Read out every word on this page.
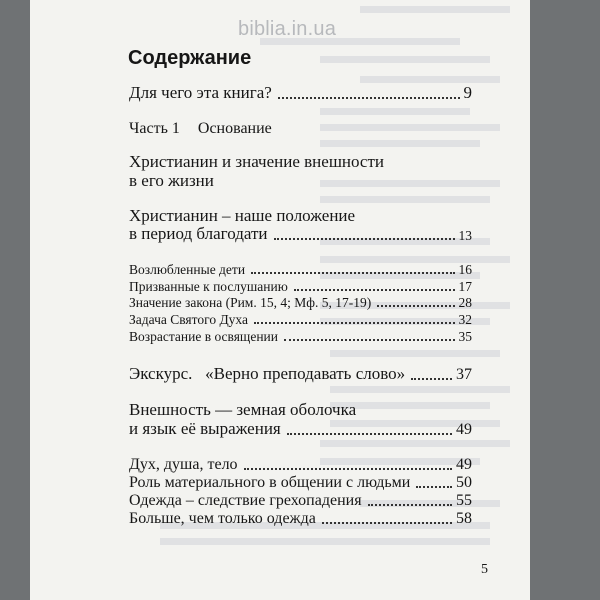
biblia.in.ua
Содержание
Для чего эта книга?	9
Часть 1 Основание
Христианин и значение внешности
в его жизни
Христианин – наше положение
в период благодати	13
Возлюбленные дети	16
Призванные к послушанию	17
Значение закона (Рим. 15, 4; Мф. 5, 17-19)	28
Задача Святого Духа	32
Возрастание в освящении	35
Экскурс. «Верно преподавать слово»	37
Внешность — земная оболочка
и язык её выражения	49
Дух, душа, тело	49
Роль материального в общении с людьми	50
Одежда – следствие грехопадения	55
Больше, чем только одежда	58
5
